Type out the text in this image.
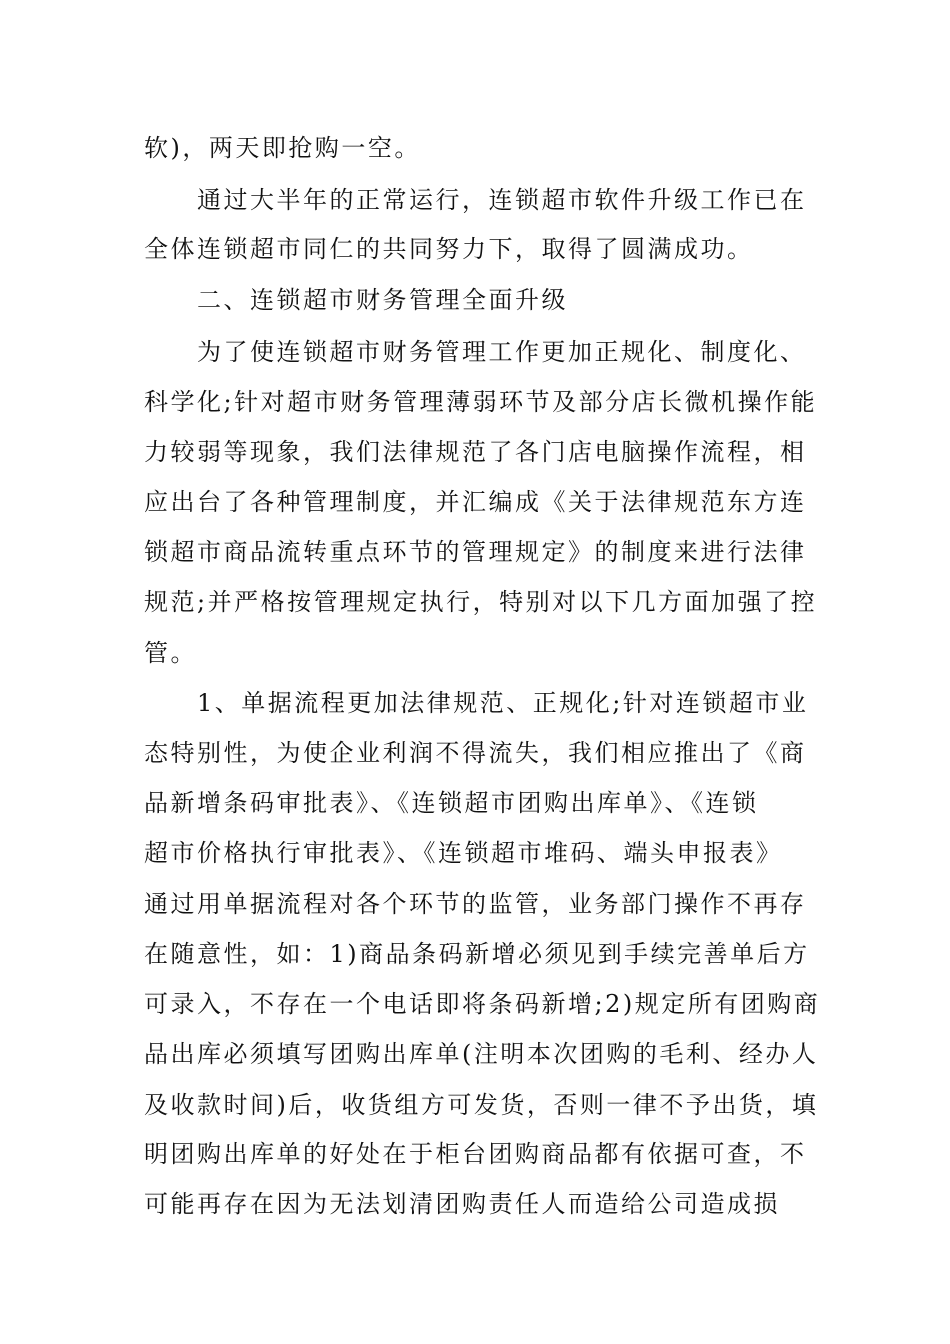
软)，两天即抢购一空。

通过大半年的正常运行，连锁超市软件升级工作已在

全体连锁超市同仁的共同努力下，取得了圆满成功。

二、连锁超市财务管理全面升级

为了使连锁超市财务管理工作更加正规化、制度化、

科学化;针对超市财务管理薄弱环节及部分店长微机操作能

力较弱等现象，我们法律规范了各门店电脑操作流程，相

应出台了各种管理制度，并汇编成《关于法律规范东方连

锁超市商品流转重点环节的管理规定》的制度来进行法律

规范;并严格按管理规定执行，特别对以下几方面加强了控

管。

1、单据流程更加法律规范、正规化;针对连锁超市业

态特别性，为使企业利润不得流失，我们相应推出了《商

品新增条码审批表》、《连锁超市团购出库单》、《连锁

超市价格执行审批表》、《连锁超市堆码、端头申报表》

通过用单据流程对各个环节的监管，业务部门操作不再存

在随意性，如：1)商品条码新增必须见到手续完善单后方

可录入，不存在一个电话即将条码新增;2)规定所有团购商

品出库必须填写团购出库单(注明本次团购的毛利、经办人

及收款时间)后，收货组方可发货，否则一律不予出货，填

明团购出库单的好处在于柜台团购商品都有依据可查，不

可能再存在因为无法划清团购责任人而造给公司造成损
